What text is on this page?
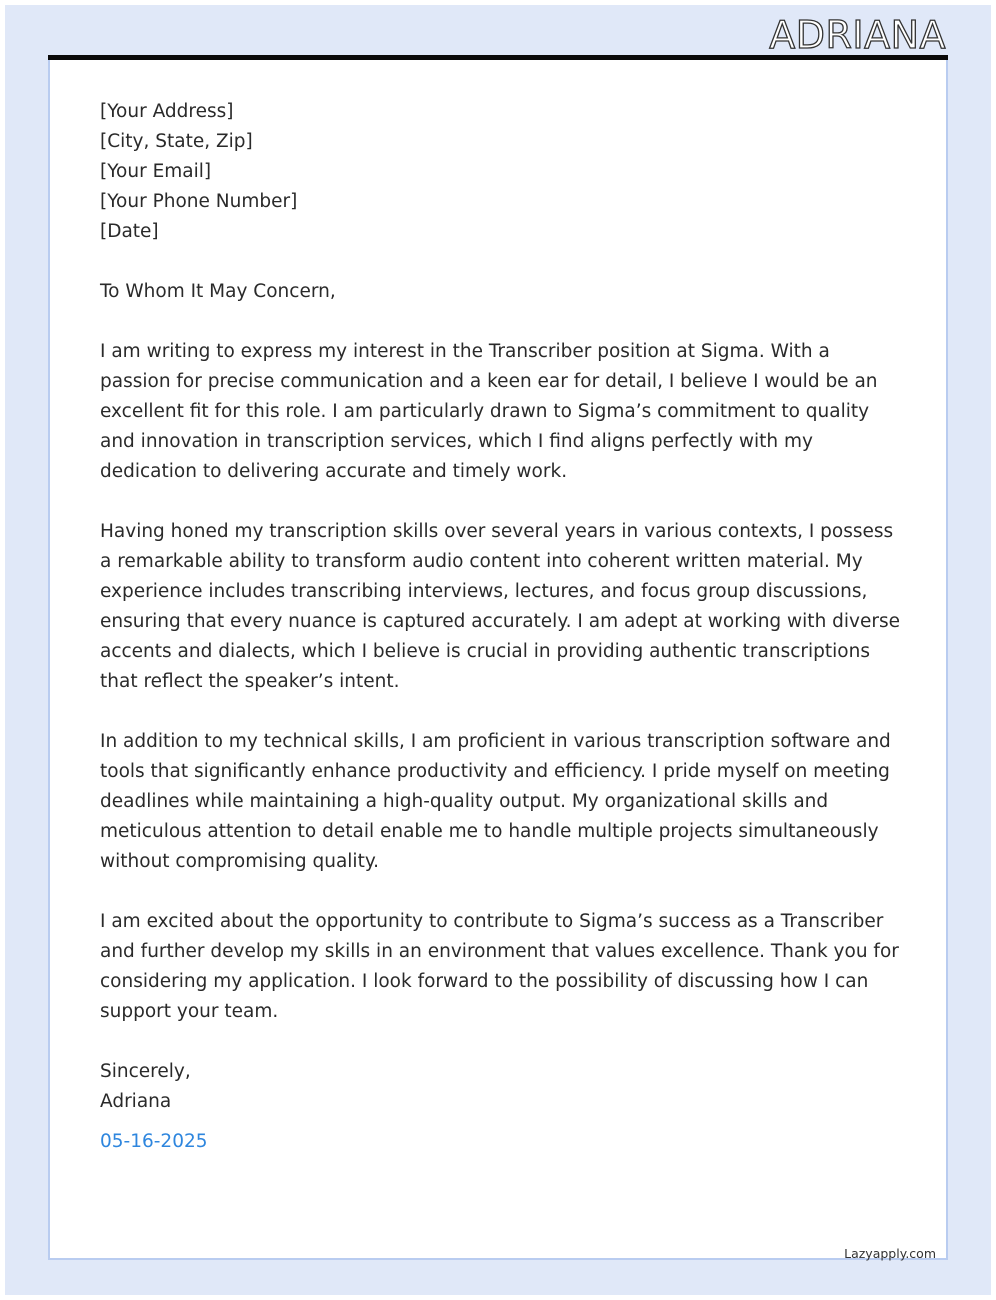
ADRIANA

[Your Address]
[City, State, Zip]
[Your Email]
[Your Phone Number]
[Date]

To Whom It May Concern,

I am writing to express my interest in the Transcriber position at Sigma. With a passion for precise communication and a keen ear for detail, I believe I would be an excellent fit for this role. I am particularly drawn to Sigma’s commitment to quality and innovation in transcription services, which I find aligns perfectly with my dedication to delivering accurate and timely work.

Having honed my transcription skills over several years in various contexts, I possess a remarkable ability to transform audio content into coherent written material. My experience includes transcribing interviews, lectures, and focus group discussions, ensuring that every nuance is captured accurately. I am adept at working with diverse accents and dialects, which I believe is crucial in providing authentic transcriptions that reflect the speaker’s intent.

In addition to my technical skills, I am proficient in various transcription software and tools that significantly enhance productivity and efficiency. I pride myself on meeting deadlines while maintaining a high-quality output. My organizational skills and meticulous attention to detail enable me to handle multiple projects simultaneously without compromising quality.

I am excited about the opportunity to contribute to Sigma’s success as a Transcriber and further develop my skills in an environment that values excellence. Thank you for considering my application. I look forward to the possibility of discussing how I can support your team.

Sincerely,
Adriana

05-16-2025
Lazyapply.com
